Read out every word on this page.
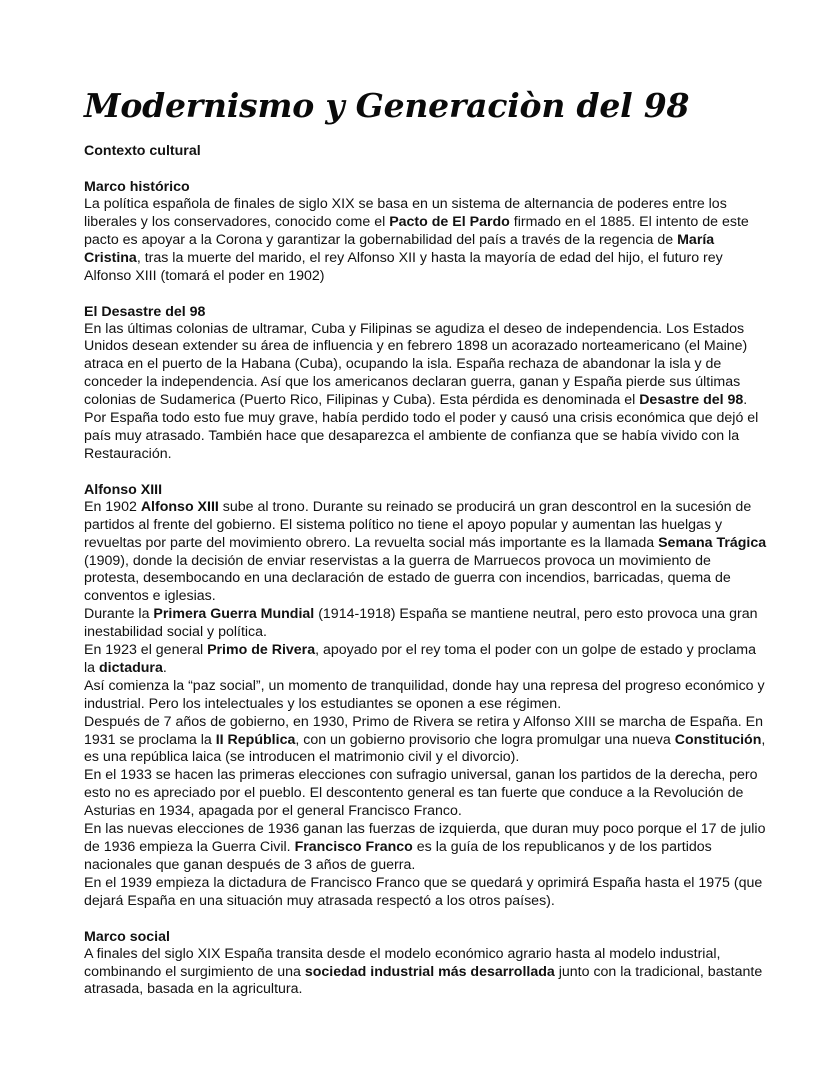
Modernismo y Generaciòn del 98
Contexto cultural
Marco histórico

La política española de finales de siglo XIX se basa en un sistema de alternancia de poderes entre los liberales y los conservadores, conocido come el Pacto de El Pardo firmado en el 1885. El intento de este pacto es apoyar a la Corona y garantizar la gobernabilidad del país a través de la regencia de María Cristina, tras la muerte del marido, el rey Alfonso XII y hasta la mayoría de edad del hijo, el futuro rey Alfonso XIII (tomará el poder en 1902)

El Desastre del 98

En las últimas colonias de ultramar, Cuba y Filipinas se agudiza el deseo de independencia. Los Estados Unidos desean extender su área de influencia y en febrero 1898 un acorazado norteamericano (el Maine) atraca en el puerto de la Habana (Cuba), ocupando la isla. España rechaza de abandonar la isla y de conceder la independencia. Así que los americanos declaran guerra, ganan y España pierde sus últimas colonias de Sudamerica (Puerto Rico, Filipinas y Cuba). Esta pérdida es denominada el Desastre del 98. Por España todo esto fue muy grave, había perdido todo el poder y causó una crisis económica que dejó el país muy atrasado. También hace que desaparezca el ambiente de confianza que se había vivido con la Restauración.

Alfonso XIII

En 1902 Alfonso XIII sube al trono. Durante su reinado se producirá un gran descontrol en la sucesión de partidos al frente del gobierno. El sistema político no tiene el apoyo popular y aumentan las huelgas y revueltas por parte del movimiento obrero. La revuelta social más importante es la llamada Semana Trágica (1909), donde la decisión de enviar reservistas a la guerra de Marruecos provoca un movimiento de protesta, desembocando en una declaración de estado de guerra con incendios, barricadas, quema de conventos e iglesias.

Durante la Primera Guerra Mundial (1914-1918) España se mantiene neutral, pero esto provoca una gran inestabilidad social y política.

En 1923 el general Primo de Rivera, apoyado por el rey toma el poder con un golpe de estado y proclama la dictadura.

Así comienza la “paz social”, un momento de tranquilidad, donde hay una represa del progreso económico y industrial. Pero los intelectuales y los estudiantes se oponen a ese régimen.

Después de 7 años de gobierno, en 1930, Primo de Rivera se retira y Alfonso XIII se marcha de España. En 1931 se proclama la II República, con un gobierno provisorio che logra promulgar una nueva Constitución, es una república laica (se introducen el matrimonio civil y el divorcio).

En el 1933 se hacen las primeras elecciones con sufragio universal, ganan los partidos de la derecha, pero esto no es apreciado por el pueblo. El descontento general es tan fuerte que conduce a la Revolución de Asturias en 1934, apagada por el general Francisco Franco.

En las nuevas elecciones de 1936 ganan las fuerzas de izquierda, que duran muy poco porque el 17 de julio de 1936 empieza la Guerra Civil. Francisco Franco es la guía de los republicanos y de los partidos nacionales que ganan después de 3 años de guerra.

En el 1939 empieza la dictadura de Francisco Franco que se quedará y oprimirá España hasta el 1975 (que dejará España en una situación muy atrasada respectó a los otros países).

Marco social

A finales del siglo XIX España transita desde el modelo económico agrario hasta al modelo industrial, combinando el surgimiento de una sociedad industrial más desarrollada junto con la tradicional, bastante atrasada, basada en la agricultura.
